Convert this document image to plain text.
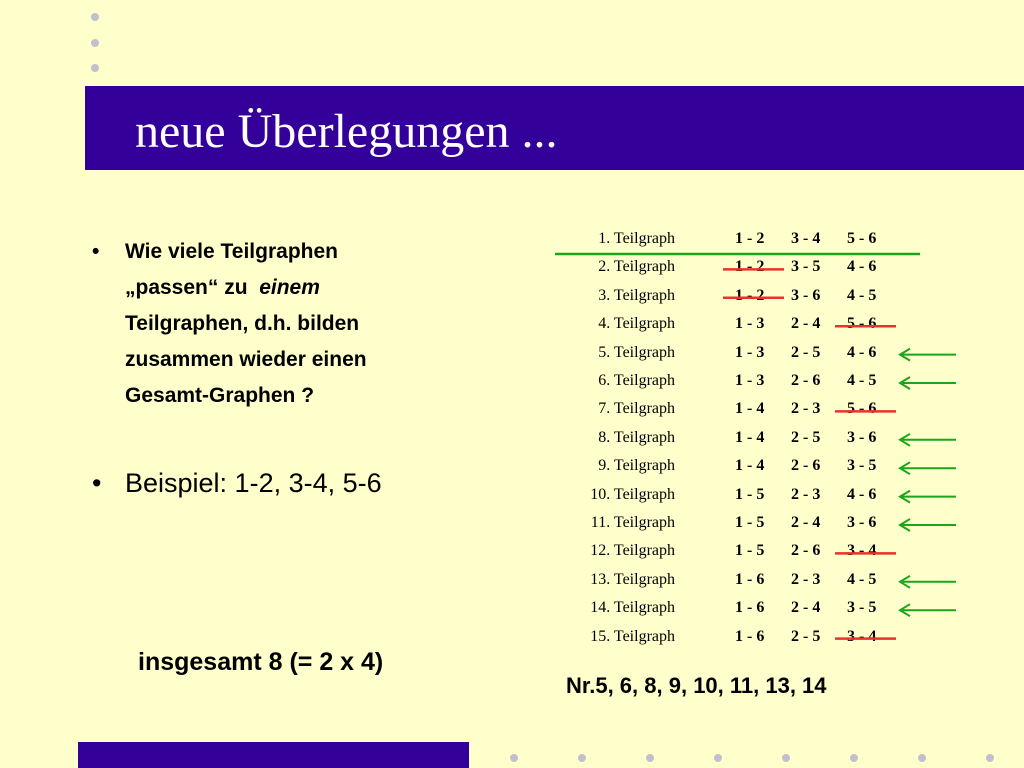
neue Überlegungen ...
• Wie viele Teilgraphen
„passen“ zu  einem
Teilgraphen, d.h. bilden
zusammen wieder einen
Gesamt-Graphen ?
• Beispiel: 1-2, 3-4, 5-6
insgesamt 8 (= 2 x 4)
Nr.5, 6, 8, 9, 10, 11, 13, 14
1. Teilgraph	1 - 2	3 - 4	5 - 6
2. Teilgraph	1 - 2	3 - 5	4 - 6
3. Teilgraph	1 - 2	3 - 6	4 - 5
4. Teilgraph	1 - 3	2 - 4	5 - 6
5. Teilgraph	1 - 3	2 - 5	4 - 6
6. Teilgraph	1 - 3	2 - 6	4 - 5
7. Teilgraph	1 - 4	2 - 3	5 - 6
8. Teilgraph	1 - 4	2 - 5	3 - 6
9. Teilgraph	1 - 4	2 - 6	3 - 5
10. Teilgraph	1 - 5	2 - 3	4 - 6
11. Teilgraph	1 - 5	2 - 4	3 - 6
12. Teilgraph	1 - 5	2 - 6	3 - 4
13. Teilgraph	1 - 6	2 - 3	4 - 5
14. Teilgraph	1 - 6	2 - 4	3 - 5
15. Teilgraph	1 - 6	2 - 5	3 - 4
